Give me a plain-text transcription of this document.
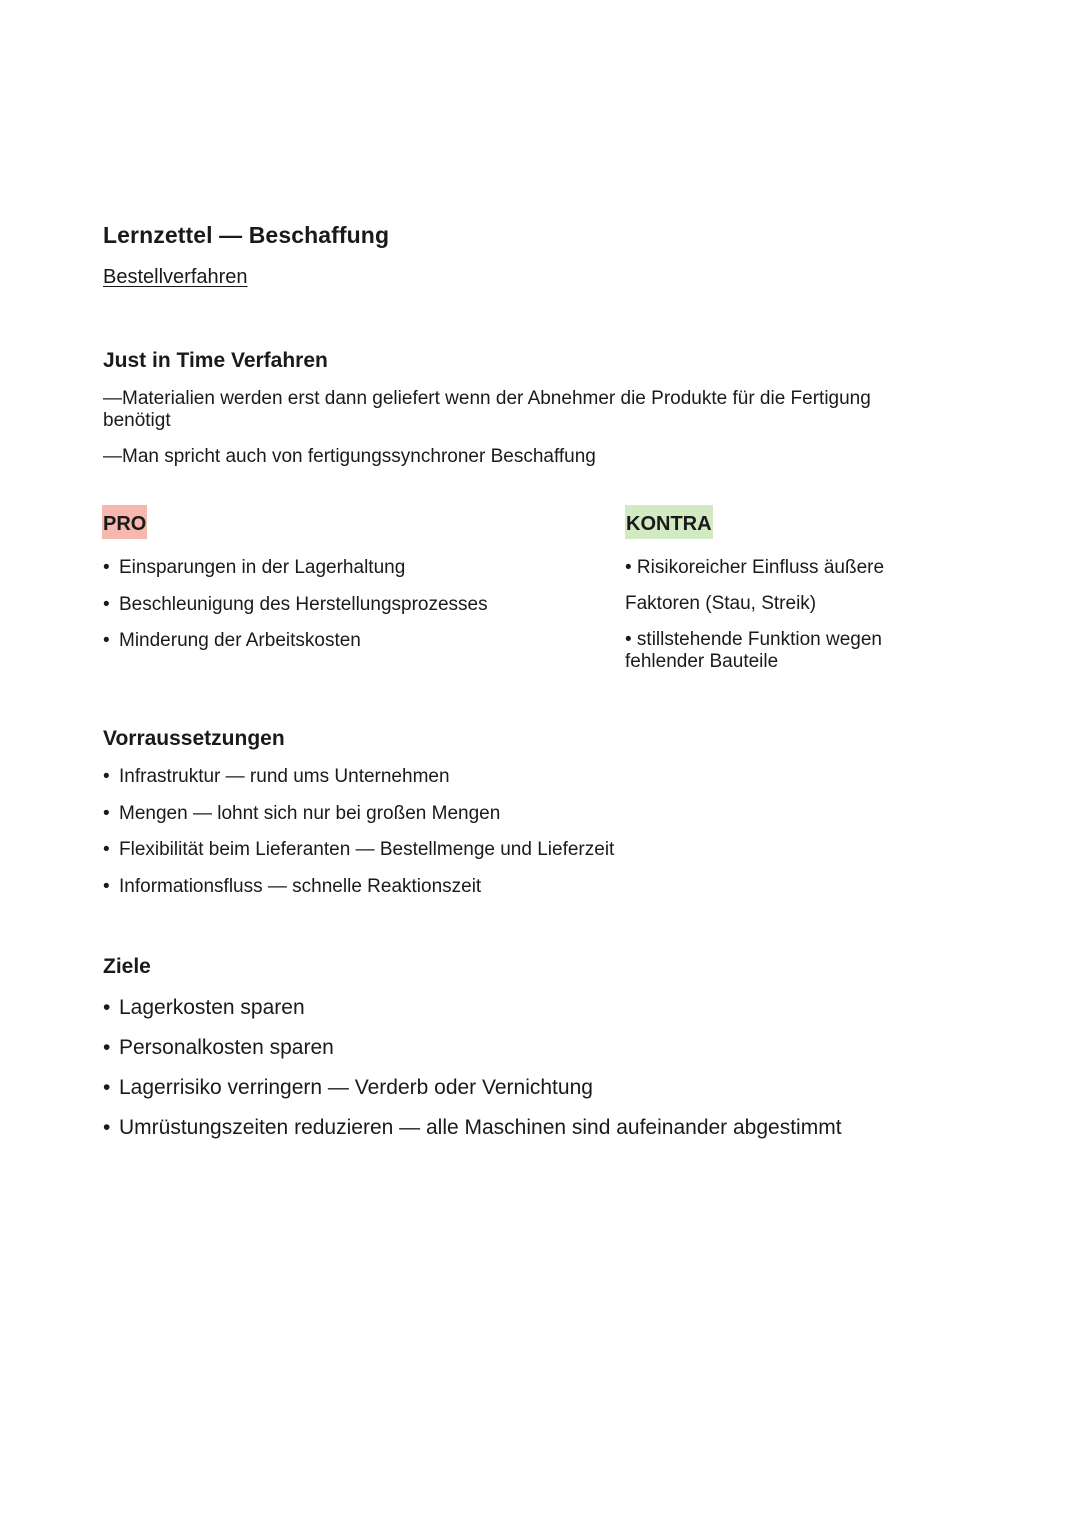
Lernzettel — Beschaffung

Bestellverfahren

Just in Time Verfahren

—Materialien werden erst dann geliefert wenn der Abnehmer die Produkte für die Fertigung
benötigt

—Man spricht auch von fertigungssynchroner Beschaffung

PRO
• Einsparungen in der Lagerhaltung
• Beschleunigung des Herstellungsprozesses
• Minderung der Arbeitskosten
KONTRA

• Risikoreicher Einfluss äußere

Faktoren (Stau, Streik)

• stillstehende Funktion wegen

fehlender Bauteile

Vorraussetzungen
• Infrastruktur — rund ums Unternehmen
• Mengen — lohnt sich nur bei großen Mengen
• Flexibilität beim Lieferanten — Bestellmenge und Lieferzeit
• Informationsfluss — schnelle Reaktionszeit
Ziele
• Lagerkosten sparen
• Personalkosten sparen
• Lagerrisiko verringern — Verderb oder Vernichtung
• Umrüstungszeiten reduzieren — alle Maschinen sind aufeinander abgestimmt
